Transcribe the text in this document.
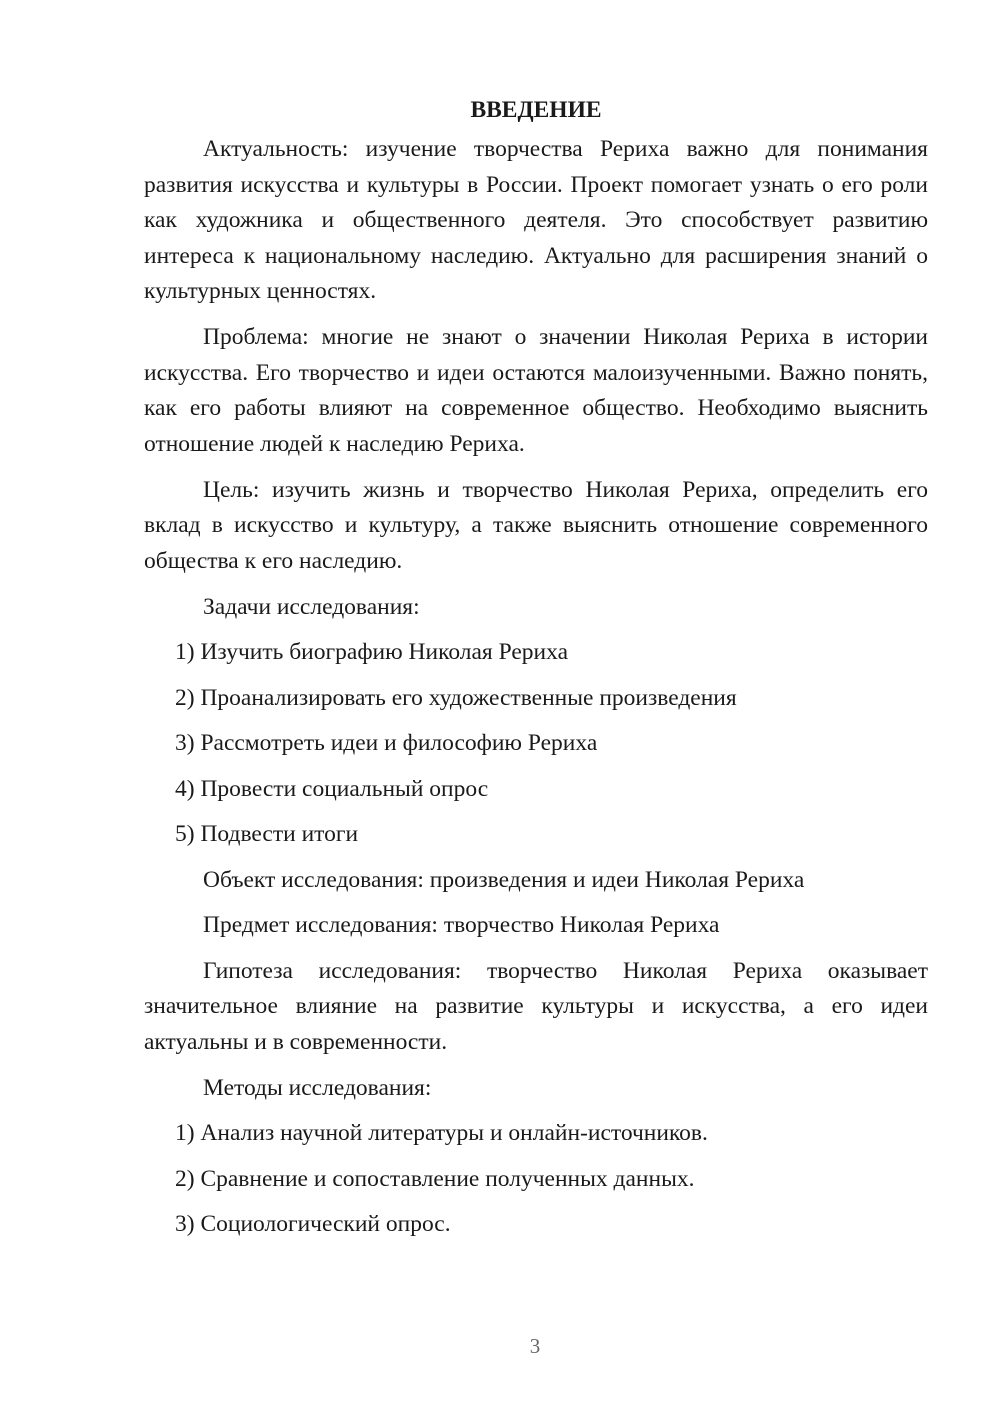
ВВЕДЕНИЕ

Актуальность: изучение творчества Рериха важно для понимания развития искусства и культуры в России. Проект помогает узнать о его роли как художника и общественного деятеля. Это способствует развитию интереса к национальному наследию. Актуально для расширения знаний о культурных ценностях.

Проблема: многие не знают о значении Николая Рериха в истории искусства. Его творчество и идеи остаются малоизученными. Важно понять, как его работы влияют на современное общество. Необходимо выяснить отношение людей к наследию Рериха.

Цель: изучить жизнь и творчество Николая Рериха, определить его вклад в искусство и культуру, а также выяснить отношение современного общества к его наследию.

Задачи исследования:
1) Изучить биографию Николая Рериха
2) Проанализировать его художественные произведения
3) Рассмотреть идеи и философию Рериха
4) Провести социальный опрос
5) Подвести итоги
Объект исследования: произведения и идеи Николая Рериха
Предмет исследования: творчество Николая Рериха

Гипотеза исследования: творчество Николая Рериха оказывает значительное влияние на развитие культуры и искусства, а его идеи актуальны и в современности.

Методы исследования:
1) Анализ научной литературы и онлайн-источников.
2) Сравнение и сопоставление полученных данных.
3) Социологический опрос.
3
